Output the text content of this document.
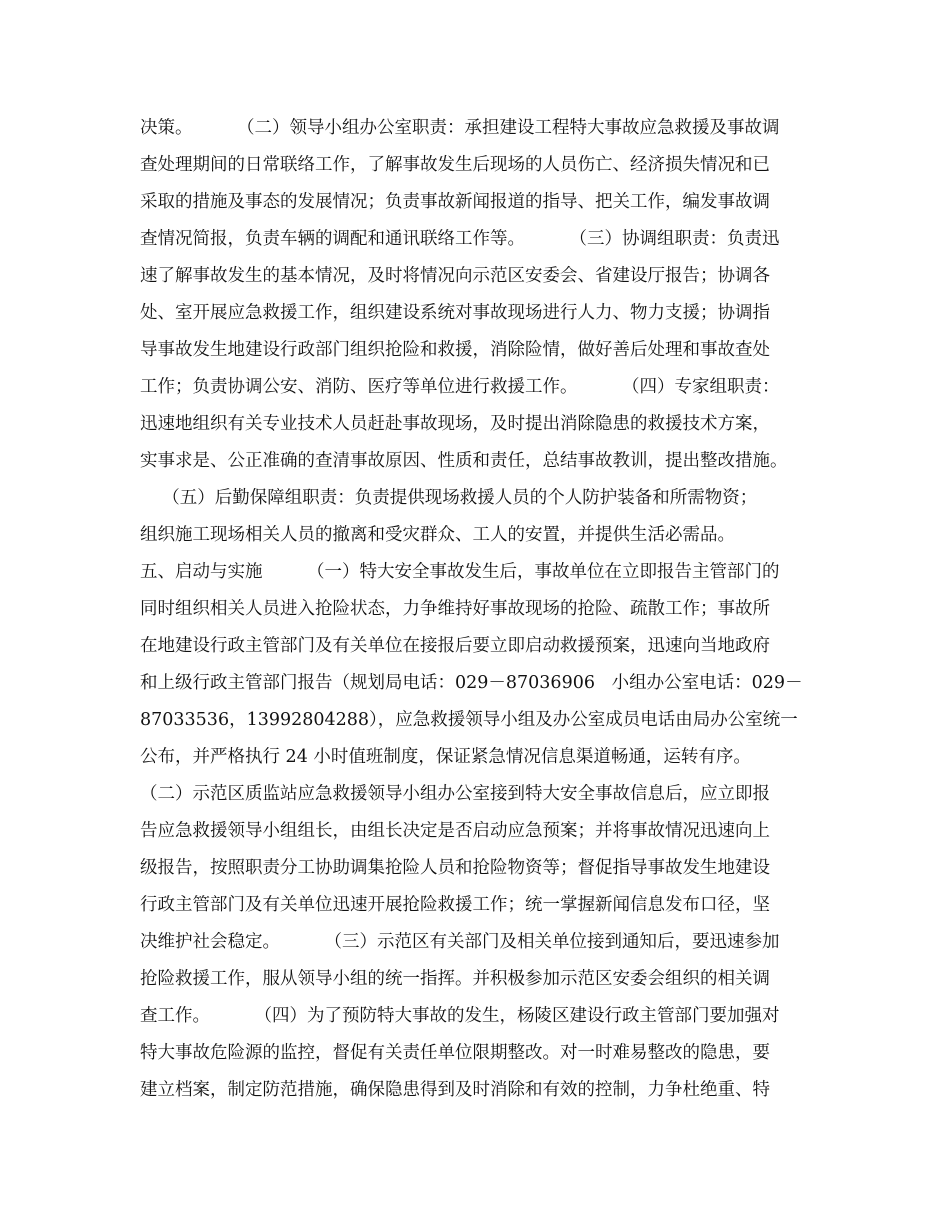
决策。        （二）领导小组办公室职责：承担建设工程特大事故应急救援及事故调
查处理期间的日常联络工作，了解事故发生后现场的人员伤亡、经济损失情况和已
采取的措施及事态的发展情况；负责事故新闻报道的指导、把关工作，编发事故调
查情况简报，负责车辆的调配和通讯联络工作等。        （三）协调组职责：负责迅
速了解事故发生的基本情况，及时将情况向示范区安委会、省建设厅报告；协调各
处、室开展应急救援工作，组织建设系统对事故现场进行人力、物力支援；协调指
导事故发生地建设行政部门组织抢险和救援，消除险情，做好善后处理和事故查处
工作；负责协调公安、消防、医疗等单位进行救援工作。        （四）专家组职责：
迅速地组织有关专业技术人员赶赴事故现场，及时提出消除隐患的救援技术方案，
实事求是、公正准确的查清事故原因、性质和责任，总结事故教训，提出整改措施。
（五）后勤保障组职责：负责提供现场救援人员的个人防护装备和所需物资；
组织施工现场相关人员的撤离和受灾群众、工人的安置，并提供生活必需品。
五、启动与实施        （一）特大安全事故发生后，事故单位在立即报告主管部门的
同时组织相关人员进入抢险状态，力争维持好事故现场的抢险、疏散工作；事故所
在地建设行政主管部门及有关单位在接报后要立即启动救援预案，迅速向当地政府
和上级行政主管部门报告（规划局电话：029－87036906   小组办公室电话：029－
87033536，13992804288），应急救援领导小组及办公室成员电话由局办公室统一
公布，并严格执行 24 小时值班制度，保证紧急情况信息渠道畅通，运转有序。
（二）示范区质监站应急救援领导小组办公室接到特大安全事故信息后，应立即报
告应急救援领导小组组长，由组长决定是否启动应急预案；并将事故情况迅速向上
级报告，按照职责分工协助调集抢险人员和抢险物资等；督促指导事故发生地建设
行政主管部门及有关单位迅速开展抢险救援工作；统一掌握新闻信息发布口径，坚
决维护社会稳定。        （三）示范区有关部门及相关单位接到通知后，要迅速参加
抢险救援工作，服从领导小组的统一指挥。并积极参加示范区安委会组织的相关调
查工作。        （四）为了预防特大事故的发生，杨陵区建设行政主管部门要加强对
特大事故危险源的监控，督促有关责任单位限期整改。对一时难易整改的隐患，要
建立档案，制定防范措施，确保隐患得到及时消除和有效的控制，力争杜绝重、特
